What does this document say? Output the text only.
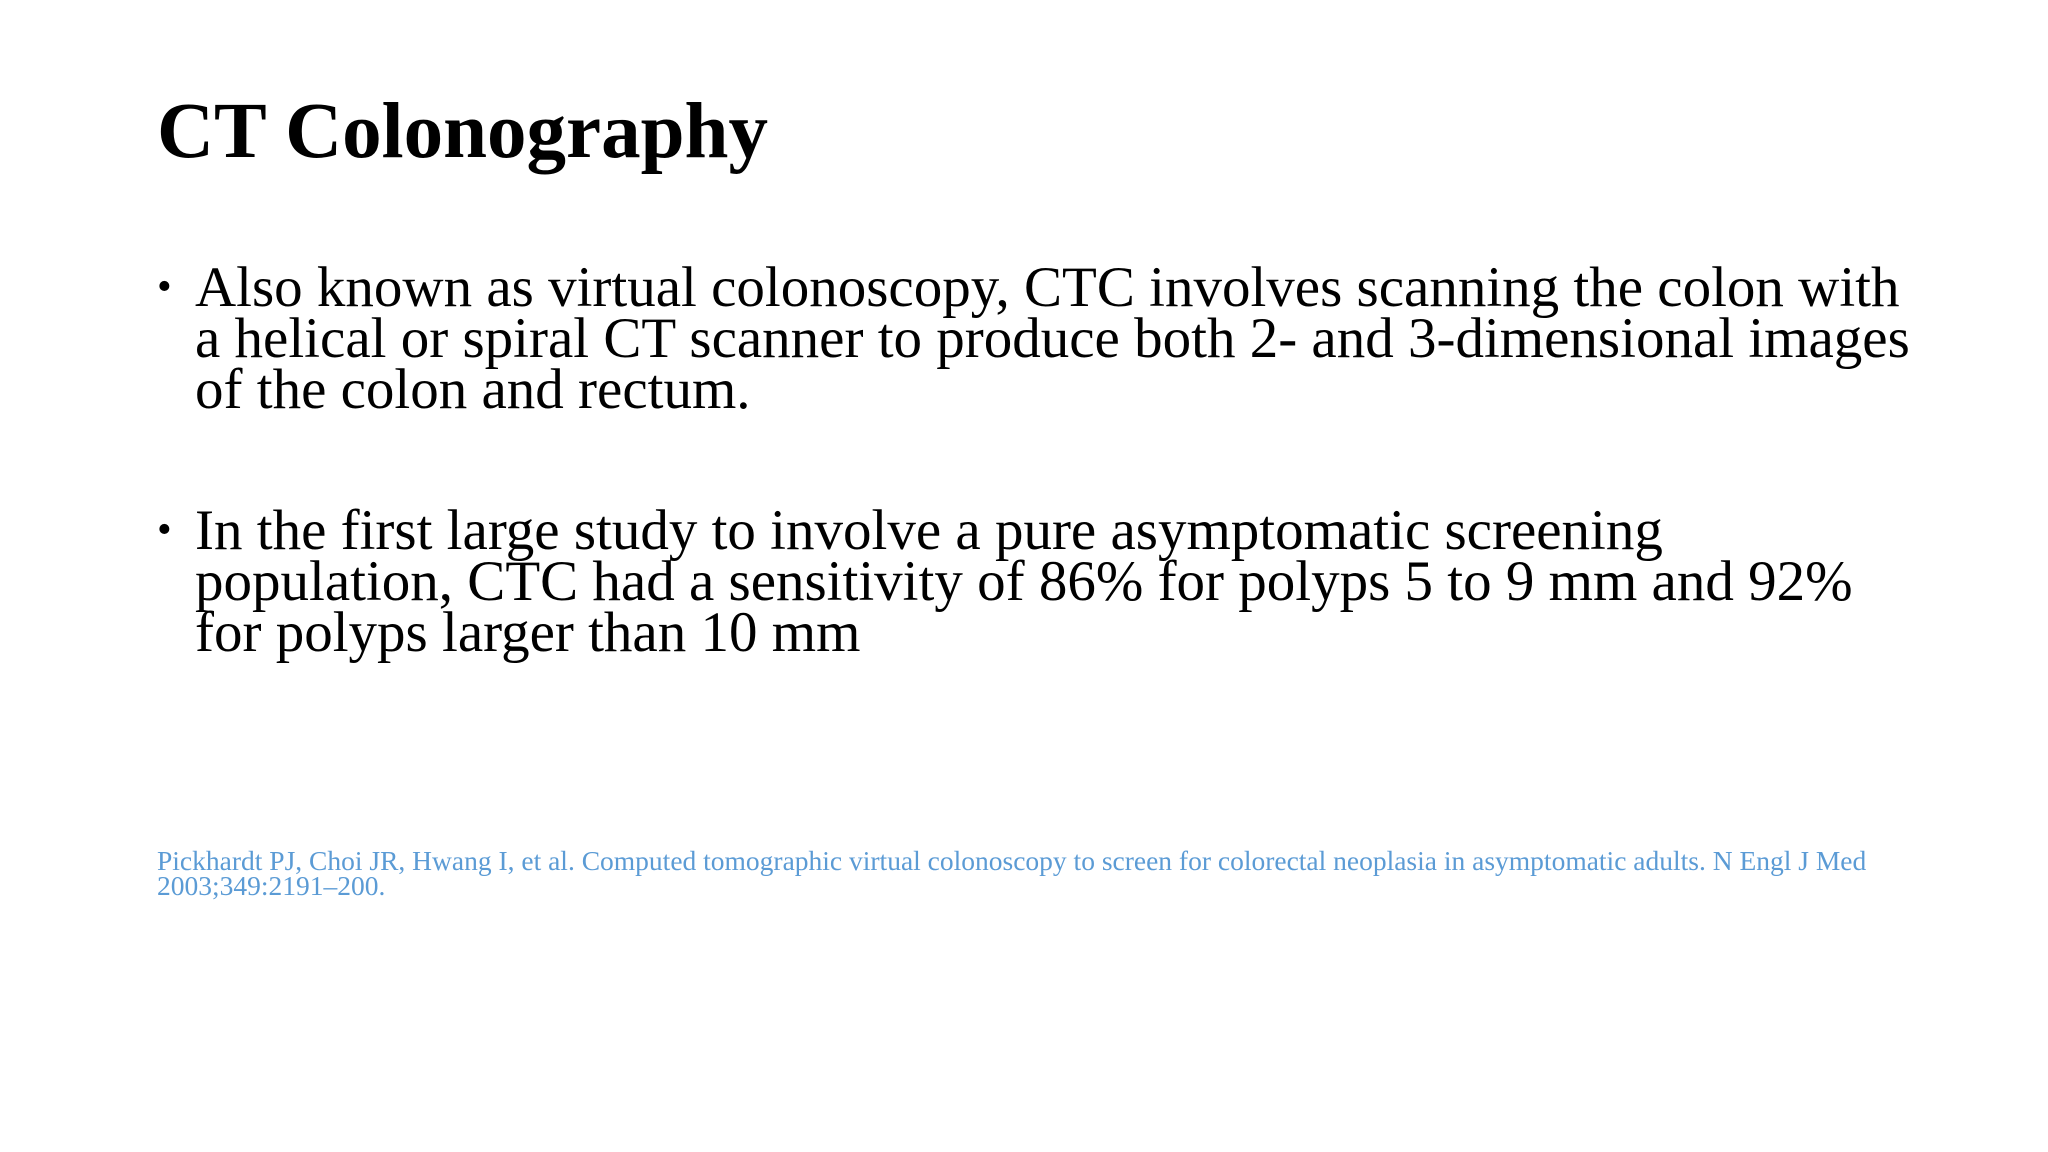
CT Colonography
• Also known as virtual colonoscopy, CTC involves scanning the colon with a helical or spiral CT scanner to produce both 2- and 3-dimensional images of the colon and rectum.
• In the first large study to involve a pure asymptomatic screening population, CTC had a sensitivity of 86% for polyps 5 to 9 mm and 92% for polyps larger than 10 mm

Pickhardt PJ, Choi JR, Hwang I, et al. Computed tomographic virtual colonoscopy to screen for colorectal neoplasia in asymptomatic adults. N Engl J Med 2003;349:2191–200.
